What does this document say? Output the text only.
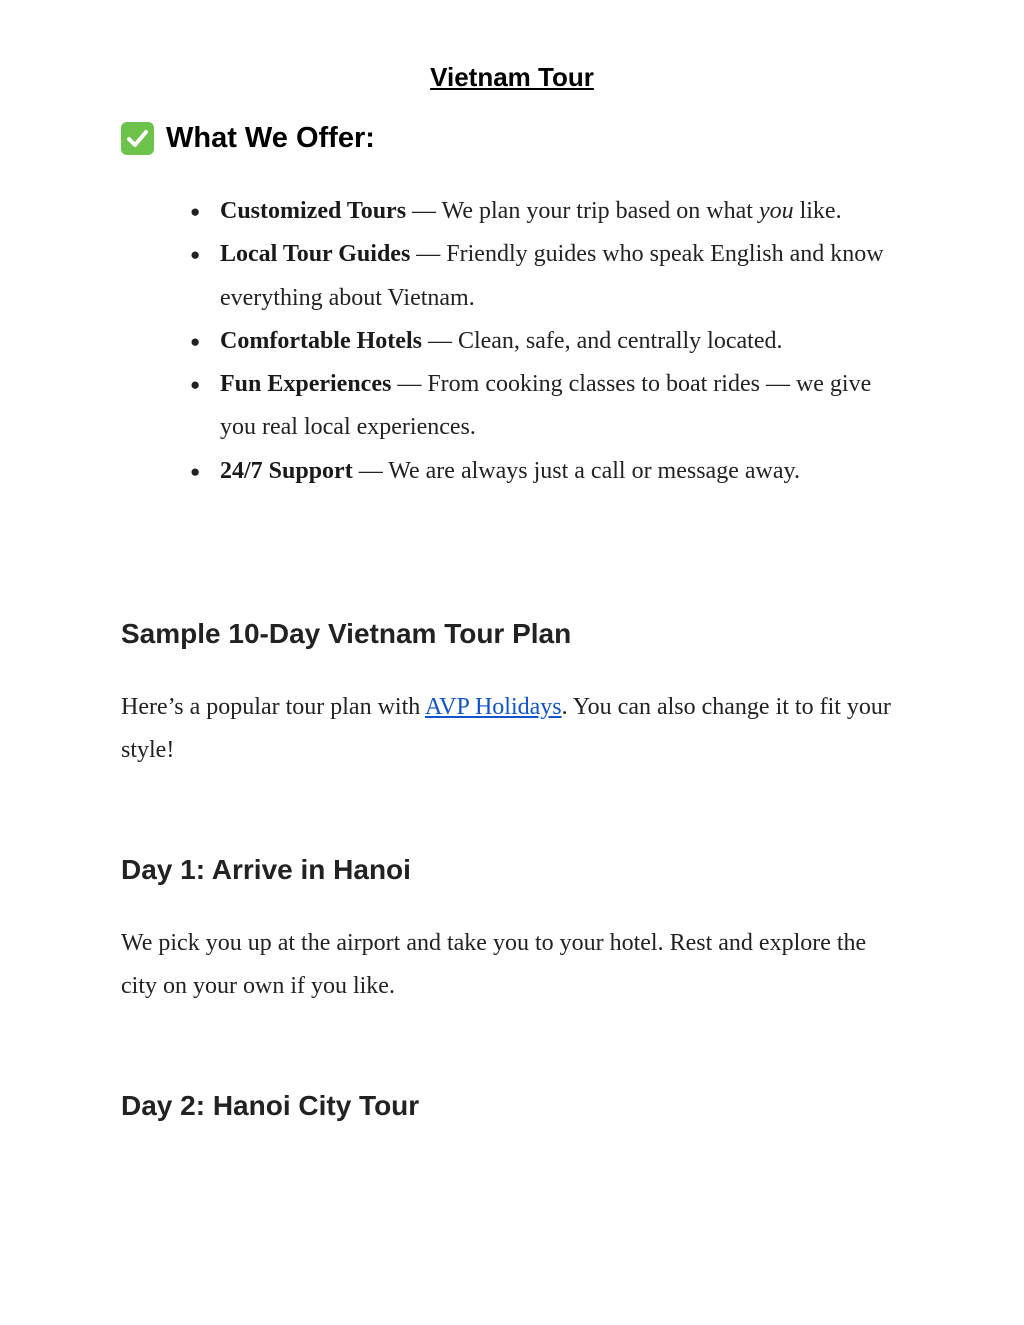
Vietnam Tour
What We Offer:
● Customized Tours — We plan your trip based on what you like.
● Local Tour Guides — Friendly guides who speak English and know everything about Vietnam.
● Comfortable Hotels — Clean, safe, and centrally located.
● Fun Experiences — From cooking classes to boat rides — we give you real local experiences.
● 24/7 Support — We are always just a call or message away.
Sample 10-Day Vietnam Tour Plan

Here’s a popular tour plan with AVP Holidays. You can also change it to fit your style!

Day 1: Arrive in Hanoi

We pick you up at the airport and take you to your hotel. Rest and explore the city on your own if you like.

Day 2: Hanoi City Tour
